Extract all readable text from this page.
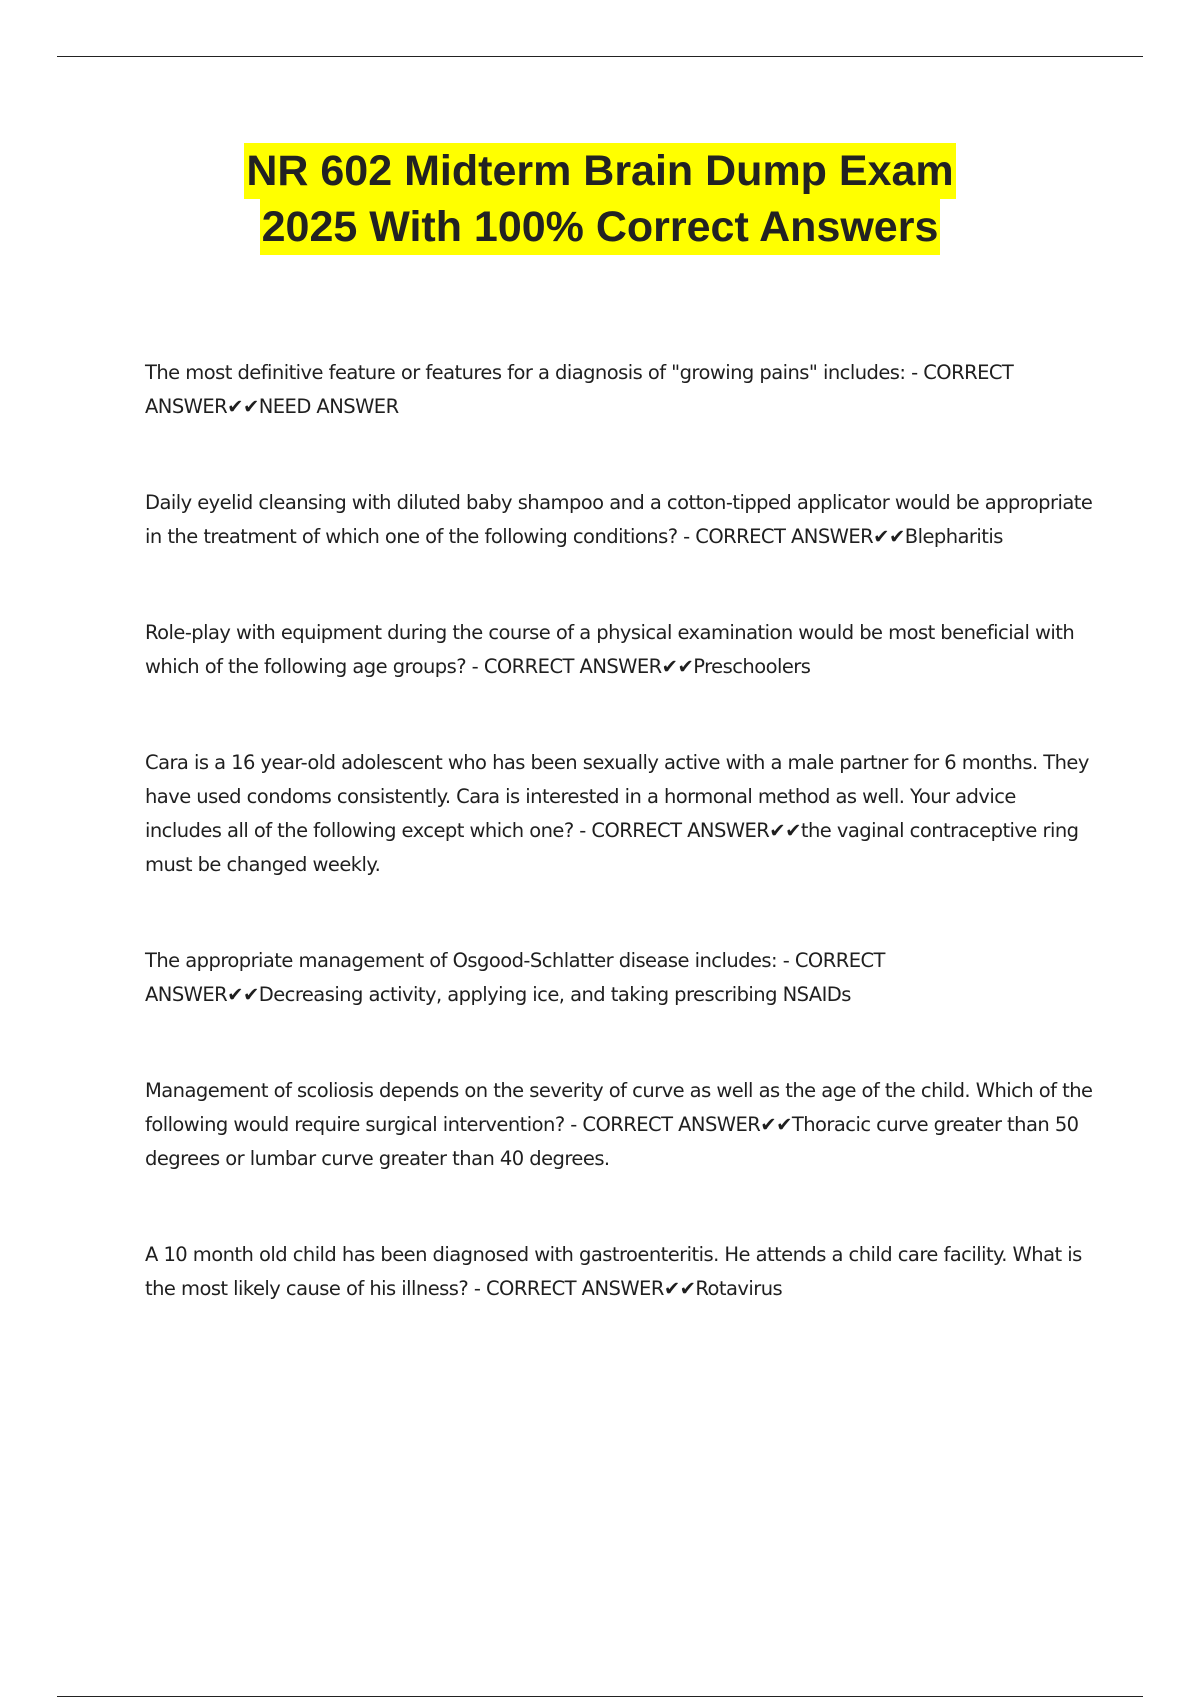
NR 602 Midterm Brain Dump Exam
2025 With 100% Correct Answers

The most definitive feature or features for a diagnosis of "growing pains" includes: - CORRECT ANSWER✔✔NEED ANSWER

Daily eyelid cleansing with diluted baby shampoo and a cotton-tipped applicator would be appropriate in the treatment of which one of the following conditions? - CORRECT ANSWER✔✔Blepharitis

Role-play with equipment during the course of a physical examination would be most beneficial with which of the following age groups? - CORRECT ANSWER✔✔Preschoolers

Cara is a 16 year-old adolescent who has been sexually active with a male partner for 6 months. They have used condoms consistently. Cara is interested in a hormonal method as well. Your advice includes all of the following except which one? - CORRECT ANSWER✔✔the vaginal contraceptive ring must be changed weekly.

The appropriate management of Osgood-Schlatter disease includes: - CORRECT ANSWER✔✔Decreasing activity, applying ice, and taking prescribing NSAIDs

Management of scoliosis depends on the severity of curve as well as the age of the child. Which of the following would require surgical intervention? - CORRECT ANSWER✔✔Thoracic curve greater than 50 degrees or lumbar curve greater than 40 degrees.

A 10 month old child has been diagnosed with gastroenteritis. He attends a child care facility. What is the most likely cause of his illness? - CORRECT ANSWER✔✔Rotavirus
